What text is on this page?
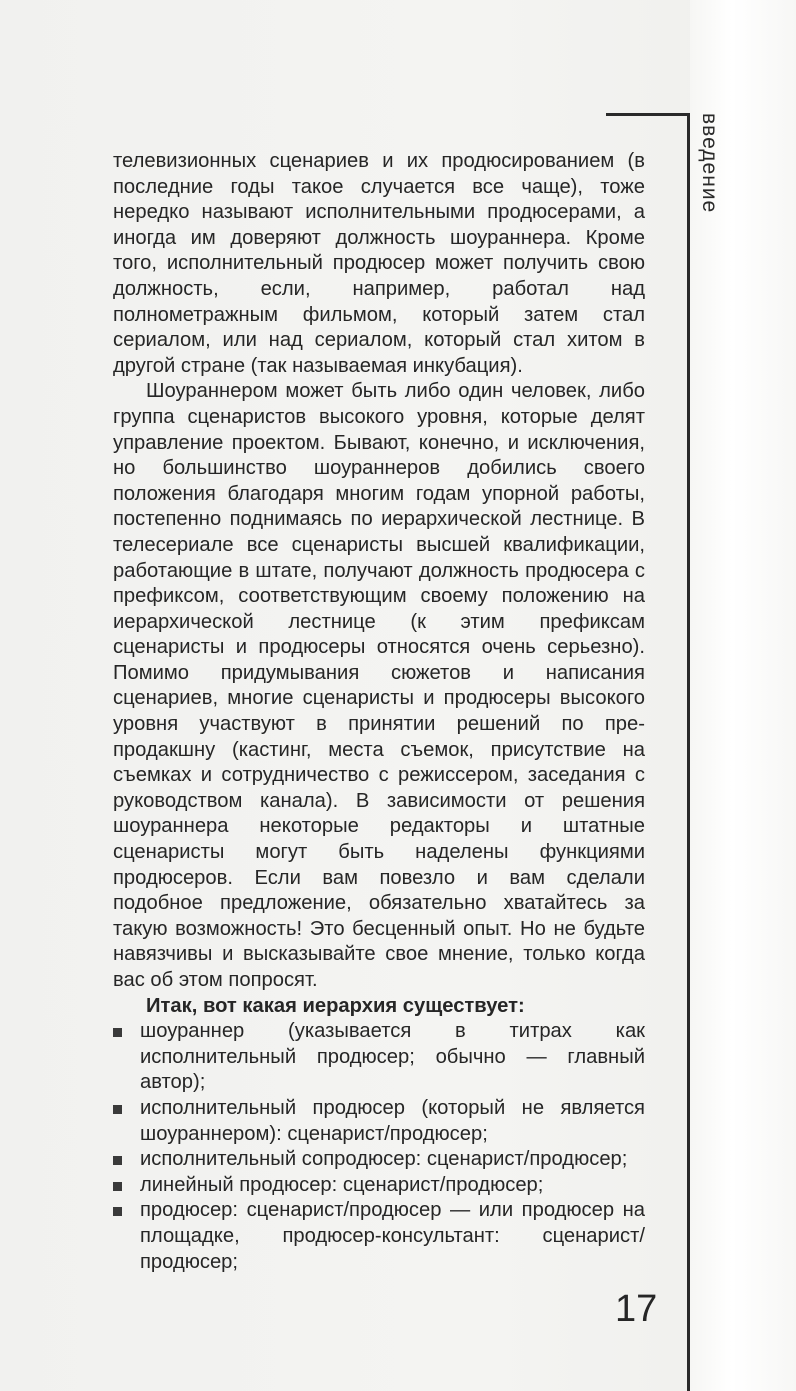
введение

телевизионных сценариев и их продюсированием (в последние годы такое случается все чаще), тоже нередко называют исполнительными продюсерами, а иногда им доверяют должность шоураннера. Кроме того, исполнительный продюсер может получить свою должность, если, например, работал над полнометражным фильмом, который затем стал сериалом, или над сериалом, который стал хитом в другой стране (так называемая инкубация).

Шоураннером может быть либо один человек, либо группа сценаристов высокого уровня, которые делят управление проектом. Бывают, конечно, и исключения, но большинство шоураннеров добились своего положения благодаря многим годам упорной работы, постепенно поднимаясь по иерархической лестнице. В телесериале все сценаристы высшей квалификации, работающие в штате, получают должность продюсера с префиксом, соответствующим своему положению на иерархической лестнице (к этим префиксам сценаристы и продюсеры относятся очень серьезно). Помимо придумывания сюжетов и написания сценариев, многие сценаристы и продюсеры высокого уровня участвуют в принятии решений по пре-продакшну (кастинг, места съемок, присутствие на съемках и сотрудничество с режиссером, заседания с руководством канала). В зависимости от решения шоураннера некоторые редакторы и штатные сценаристы могут быть наделены функциями продюсеров. Если вам повезло и вам сделали подобное предложение, обязательно хватайтесь за такую возможность! Это бесценный опыт. Но не будьте навязчивы и высказывайте свое мнение, только когда вас об этом попросят.

Итак, вот какая иерархия существует:

шоураннер (указывается в титрах как исполнительный продюсер; обычно — главный автор);
исполнительный продюсер (который не является шоураннером): сценарист/продюсер;
исполнительный сопродюсер: сценарист/продюсер;
линейный продюсер: сценарист/продюсер;
продюсер: сценарист/продюсер — или продюсер на площадке, продюсер-консультант: сценарист/продюсер;
17
